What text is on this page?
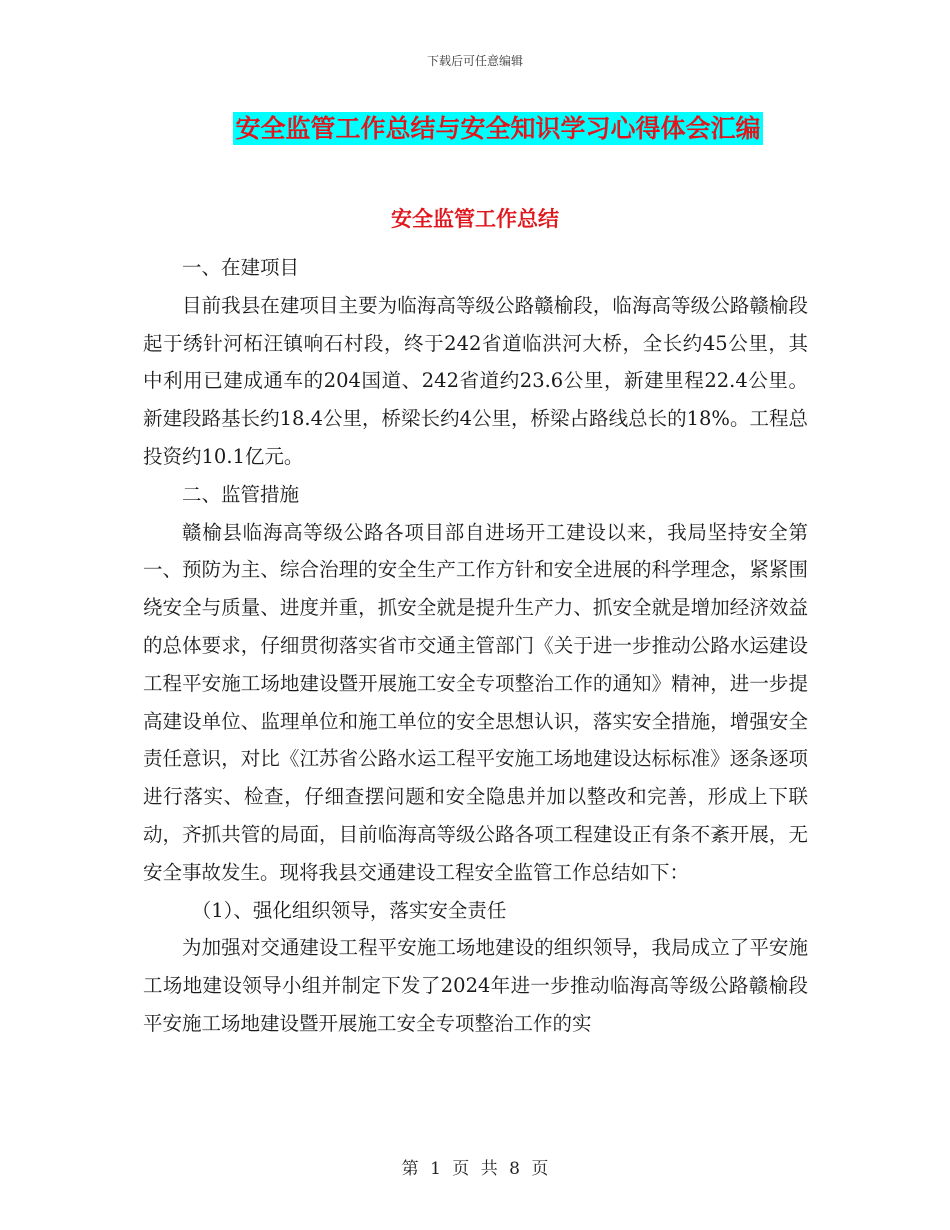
下载后可任意编辑
安全监管工作总结与安全知识学习心得体会汇编
安全监管工作总结

一、在建项目

目前我县在建项目主要为临海高等级公路赣榆段，临海高等级公路赣榆段起于绣针河柘汪镇响石村段，终于242省道临洪河大桥，全长约45公里，其中利用已建成通车的204国道、242省道约23.6公里，新建里程22.4公里。新建段路基长约18.4公里，桥梁长约4公里，桥梁占路线总长的18%。工程总投资约10.1亿元。

二、监管措施

赣榆县临海高等级公路各项目部自进场开工建设以来，我局坚持安全第一、预防为主、综合治理的安全生产工作方针和安全进展的科学理念，紧紧围绕安全与质量、进度并重，抓安全就是提升生产力、抓安全就是增加经济效益的总体要求，仔细贯彻落实省市交通主管部门《关于进一步推动公路水运建设工程平安施工场地建设暨开展施工安全专项整治工作的通知》精神，进一步提高建设单位、监理单位和施工单位的安全思想认识，落实安全措施，增强安全责任意识，对比《江苏省公路水运工程平安施工场地建设达标标准》逐条逐项进行落实、检查，仔细查摆问题和安全隐患并加以整改和完善，形成上下联动，齐抓共管的局面，目前临海高等级公路各项工程建设正有条不紊开展，无安全事故发生。现将我县交通建设工程安全监管工作总结如下：

（1）、强化组织领导，落实安全责任

为加强对交通建设工程平安施工场地建设的组织领导，我局成立了平安施工场地建设领导小组并制定下发了2024年进一步推动临海高等级公路赣榆段平安施工场地建设暨开展施工安全专项整治工作的实

第 1 页 共 8 页
